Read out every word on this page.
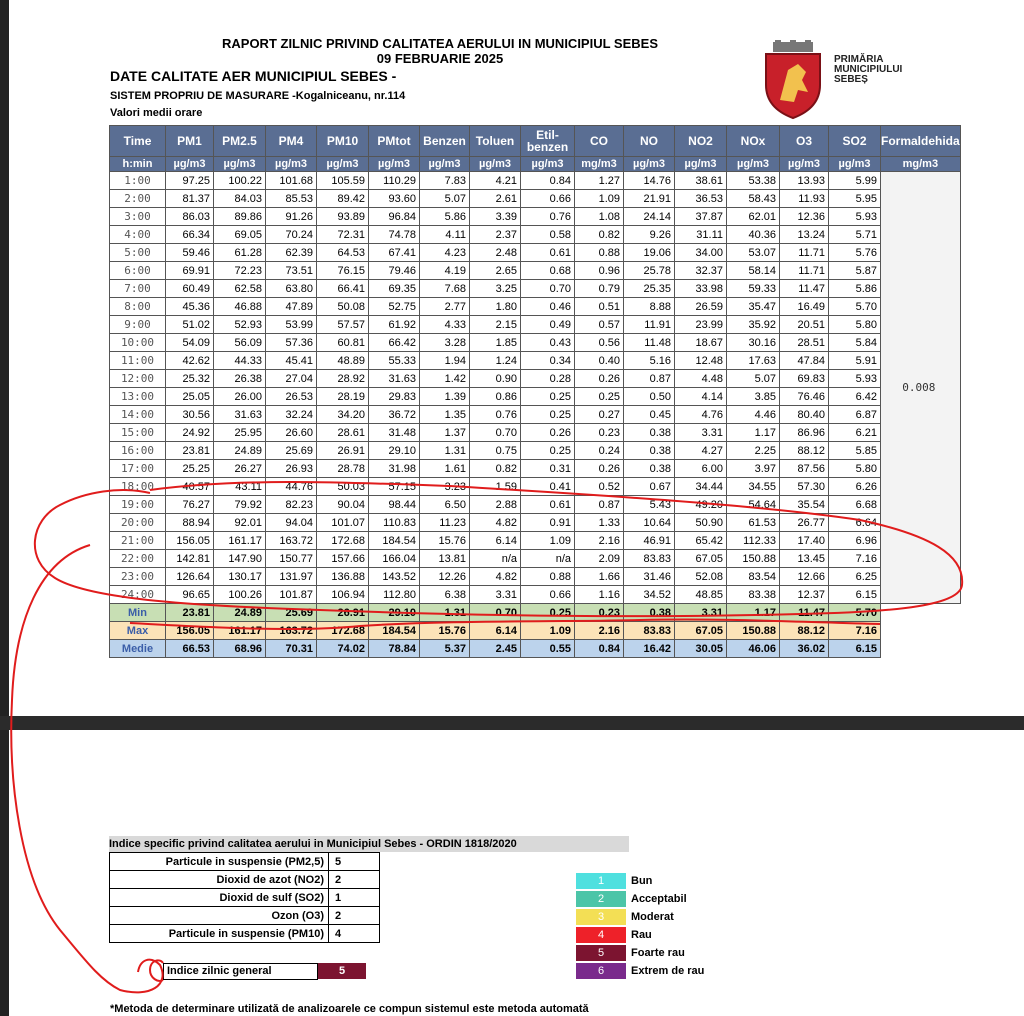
RAPORT ZILNIC PRIVIND CALITATEA AERULUI IN MUNICIPIUL SEBES
09 FEBRUARIE 2025
DATE CALITATE AER MUNICIPIUL SEBES -
SISTEM PROPRIU DE MASURARE -Kogalniceanu, nr.114
Valori medii orare
PRIMĂRIA
MUNICIPIULUI
SEBEȘ
Time	PM1	PM2.5	PM4	PM10	PMtot	Benzen	Toluen	Etil-benzen	CO	NO	NO2	NOx	O3	SO2	Formaldehida
h:min	µg/m3	µg/m3	µg/m3	µg/m3	µg/m3	µg/m3	µg/m3	µg/m3	mg/m3	µg/m3	µg/m3	µg/m3	µg/m3	µg/m3	mg/m3
1:00	97.25	100.22	101.68	105.59	110.29	7.83	4.21	0.84	1.27	14.76	38.61	53.38	13.93	5.99	0.008
2:00	81.37	84.03	85.53	89.42	93.60	5.07	2.61	0.66	1.09	21.91	36.53	58.43	11.93	5.95	
3:00	86.03	89.86	91.26	93.89	96.84	5.86	3.39	0.76	1.08	24.14	37.87	62.01	12.36	5.93	
4:00	66.34	69.05	70.24	72.31	74.78	4.11	2.37	0.58	0.82	9.26	31.11	40.36	13.24	5.71	
5:00	59.46	61.28	62.39	64.53	67.41	4.23	2.48	0.61	0.88	19.06	34.00	53.07	11.71	5.76	
6:00	69.91	72.23	73.51	76.15	79.46	4.19	2.65	0.68	0.96	25.78	32.37	58.14	11.71	5.87	
7:00	60.49	62.58	63.80	66.41	69.35	7.68	3.25	0.70	0.79	25.35	33.98	59.33	11.47	5.86	
8:00	45.36	46.88	47.89	50.08	52.75	2.77	1.80	0.46	0.51	8.88	26.59	35.47	16.49	5.70	
9:00	51.02	52.93	53.99	57.57	61.92	4.33	2.15	0.49	0.57	11.91	23.99	35.92	20.51	5.80	
10:00	54.09	56.09	57.36	60.81	66.42	3.28	1.85	0.43	0.56	11.48	18.67	30.16	28.51	5.84	
11:00	42.62	44.33	45.41	48.89	55.33	1.94	1.24	0.34	0.40	5.16	12.48	17.63	47.84	5.91	
12:00	25.32	26.38	27.04	28.92	31.63	1.42	0.90	0.28	0.26	0.87	4.48	5.07	69.83	5.93	
13:00	25.05	26.00	26.53	28.19	29.83	1.39	0.86	0.25	0.25	0.50	4.14	3.85	76.46	6.42	
14:00	30.56	31.63	32.24	34.20	36.72	1.35	0.76	0.25	0.27	0.45	4.76	4.46	80.40	6.87	
15:00	24.92	25.95	26.60	28.61	31.48	1.37	0.70	0.26	0.23	0.38	3.31	1.17	86.96	6.21	
16:00	23.81	24.89	25.69	26.91	29.10	1.31	0.75	0.25	0.24	0.38	4.27	2.25	88.12	5.85	
17:00	25.25	26.27	26.93	28.78	31.98	1.61	0.82	0.31	0.26	0.38	6.00	3.97	87.56	5.80	
18:00	40.57	43.11	44.76	50.03	57.15	3.23	1.59	0.41	0.52	0.67	34.44	34.55	57.30	6.26	
19:00	76.27	79.92	82.23	90.04	98.44	6.50	2.88	0.61	0.87	5.43	49.20	54.64	35.54	6.68	
20:00	88.94	92.01	94.04	101.07	110.83	11.23	4.82	0.91	1.33	10.64	50.90	61.53	26.77	6.64	
21:00	156.05	161.17	163.72	172.68	184.54	15.76	6.14	1.09	2.16	46.91	65.42	112.33	17.40	6.96	
22:00	142.81	147.90	150.77	157.66	166.04	13.81	n/a	n/a	2.09	83.83	67.05	150.88	13.45	7.16	
23:00	126.64	130.17	131.97	136.88	143.52	12.26	4.82	0.88	1.66	31.46	52.08	83.54	12.66	6.25	
24:00	96.65	100.26	101.87	106.94	112.80	6.38	3.31	0.66	1.16	34.52	48.85	83.38	12.37	6.15	
Min	23.81	24.89	25.69	26.91	29.10	1.31	0.70	0.25	0.23	0.38	3.31	1.17	11.47	5.70	
Max	156.05	161.17	163.72	172.68	184.54	15.76	6.14	1.09	2.16	83.83	67.05	150.88	88.12	7.16	
Medie	66.53	68.96	70.31	74.02	78.84	5.37	2.45	0.55	0.84	16.42	30.05	46.06	36.02	6.15	
Indice specific privind calitatea aerului in Municipiul Sebes - ORDIN 1818/2020
Particule in suspensie (PM2,5)	5
Dioxid de azot (NO2)	2
Dioxid de sulf (SO2)	1
Ozon (O3)	2
Particule in suspensie (PM10)	4
Indice zilnic general	5
1	Bun
2	Acceptabil
3	Moderat
4	Rau
5	Foarte rau
6	Extrem de rau
*Metoda de determinare utilizată de analizoarele ce compun sistemul este metoda automată
